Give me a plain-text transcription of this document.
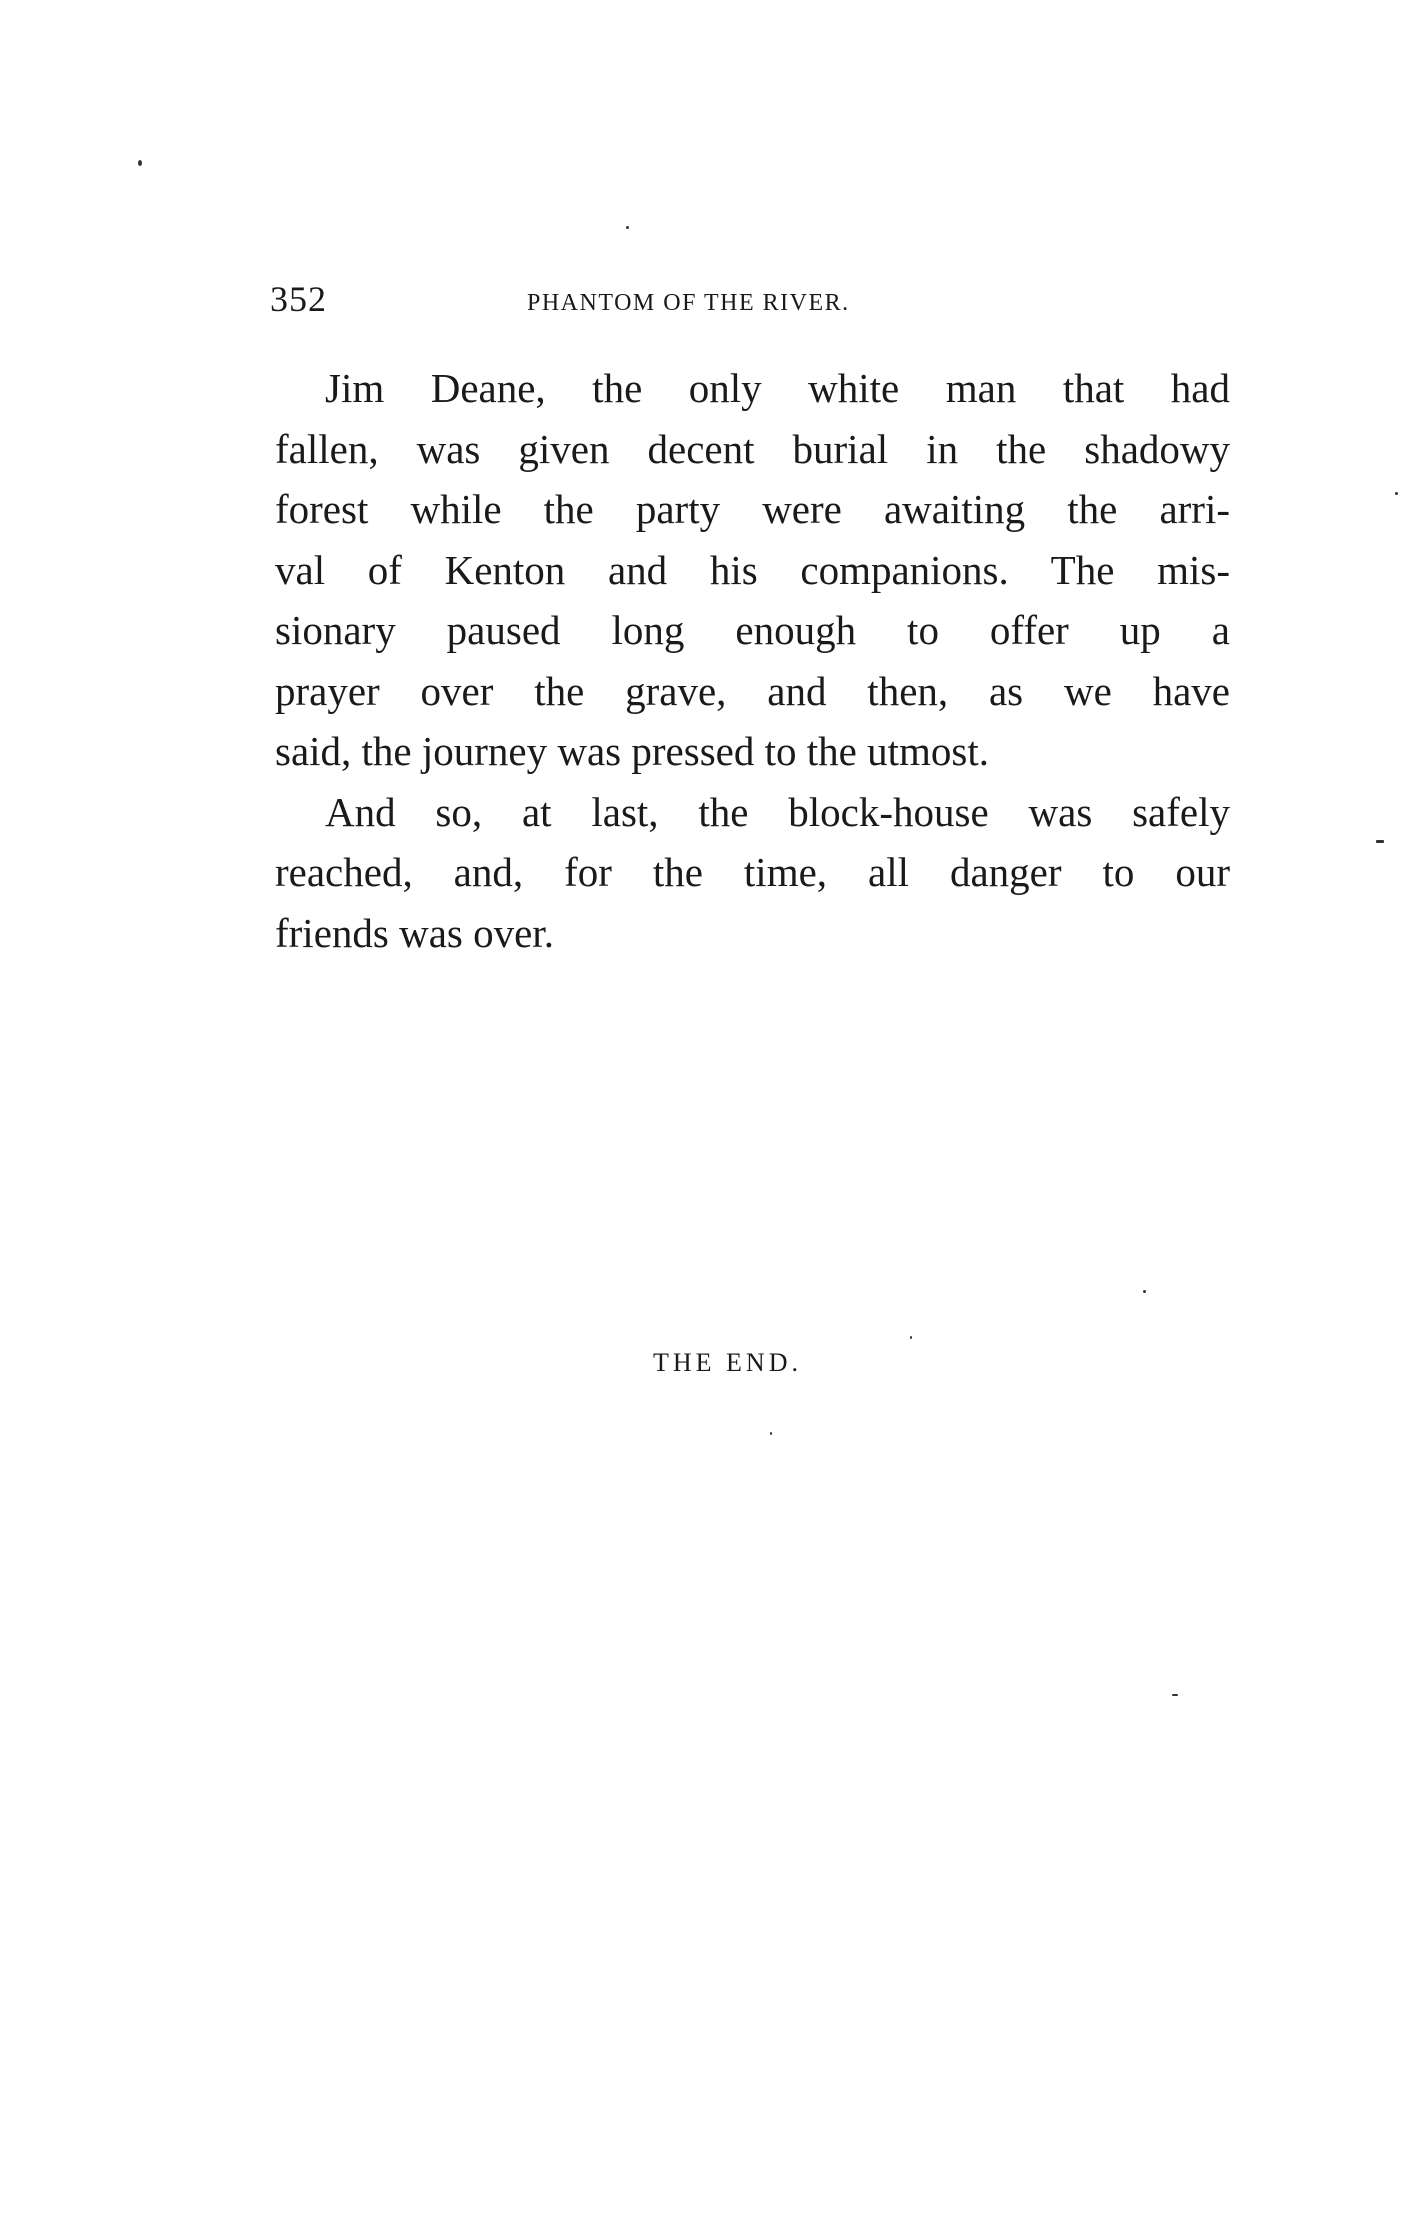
352	PHANTOM OF THE RIVER.

Jim Deane, the only white man that had
fallen, was given decent burial in the shadowy
forest while the party were awaiting the arri-
val of Kenton and his companions. The mis-
sionary paused long enough to offer up a
prayer over the grave, and then, as we have
said, the journey was pressed to the utmost.

And so, at last, the block-house was safely
reached, and, for the time, all danger to our
friends was over.

THE END.
